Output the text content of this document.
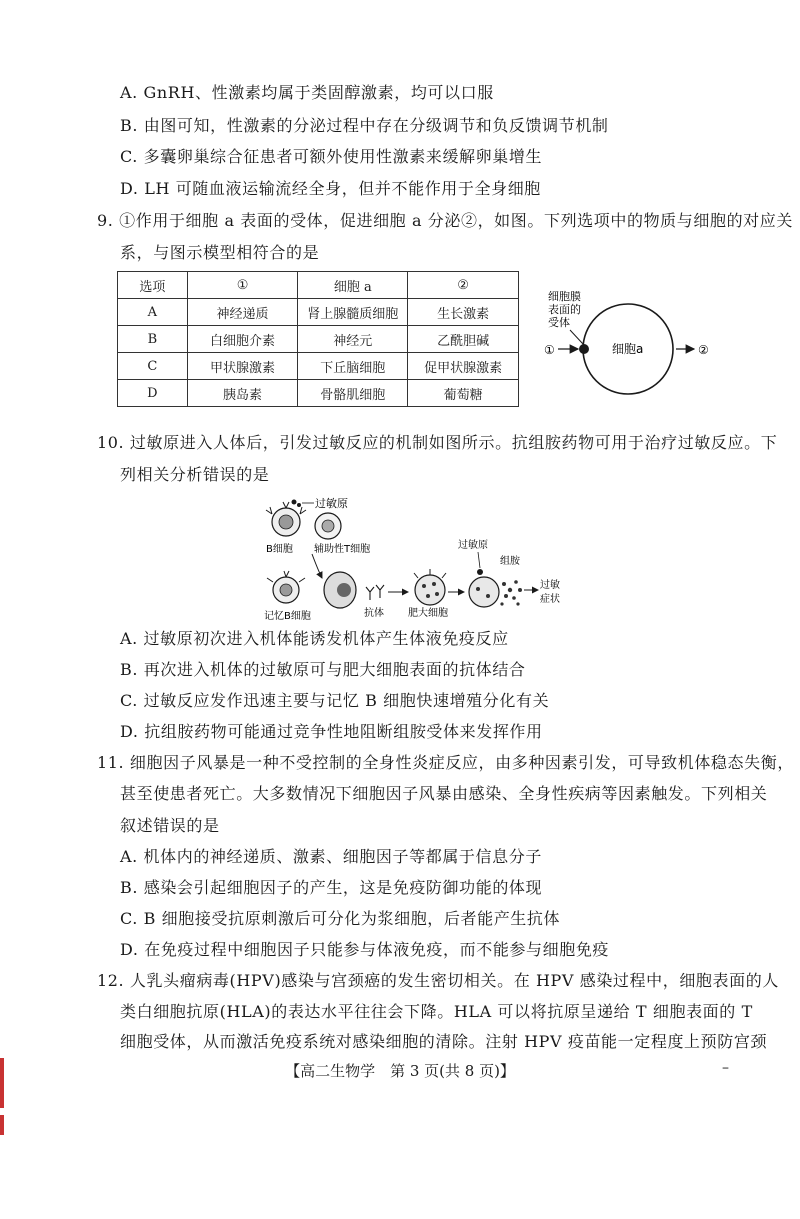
A. GnRH、性激素均属于类固醇激素，均可以口服
B. 由图可知，性激素的分泌过程中存在分级调节和负反馈调节机制
C. 多囊卵巢综合征患者可额外使用性激素来缓解卵巢增生
D. LH 可随血液运输流经全身，但并不能作用于全身细胞
9. ①作用于细胞 a 表面的受体，促进细胞 a 分泌②，如图。下列选项中的物质与细胞的对应关
系，与图示模型相符合的是
选项	①	细胞 a	②
A	神经递质	肾上腺髓质细胞	生长激素
B	白细胞介素	神经元	乙酰胆碱
C	甲状腺激素	下丘脑细胞	促甲状腺激素
D	胰岛素	骨骼肌细胞	葡萄糖
细胞膜
表面的
受体
细胞a
①	②
10. 过敏原进入人体后，引发过敏反应的机制如图所示。抗组胺药物可用于治疗过敏反应。下
列相关分析错误的是
过敏原
B细胞 辅助性T细胞
记忆B细胞	抗体 肥大细胞
过敏原
组胺
过敏
症状
A. 过敏原初次进入机体能诱发机体产生体液免疫反应
B. 再次进入机体的过敏原可与肥大细胞表面的抗体结合
C. 过敏反应发作迅速主要与记忆 B 细胞快速增殖分化有关
D. 抗组胺药物可能通过竞争性地阻断组胺受体来发挥作用
11. 细胞因子风暴是一种不受控制的全身性炎症反应，由多种因素引发，可导致机体稳态失衡，
甚至使患者死亡。大多数情况下细胞因子风暴由感染、全身性疾病等因素触发。下列相关
叙述错误的是
A. 机体内的神经递质、激素、细胞因子等都属于信息分子
B. 感染会引起细胞因子的产生，这是免疫防御功能的体现
C. B 细胞接受抗原刺激后可分化为浆细胞，后者能产生抗体
D. 在免疫过程中细胞因子只能参与体液免疫，而不能参与细胞免疫
12. 人乳头瘤病毒(HPV)感染与宫颈癌的发生密切相关。在 HPV 感染过程中，细胞表面的人
类白细胞抗原(HLA)的表达水平往往会下降。HLA 可以将抗原呈递给 T 细胞表面的 T
细胞受体，从而激活免疫系统对感染细胞的清除。注射 HPV 疫苗能一定程度上预防宫颈
【高二生物学　第 3 页(共 8 页)】	–
